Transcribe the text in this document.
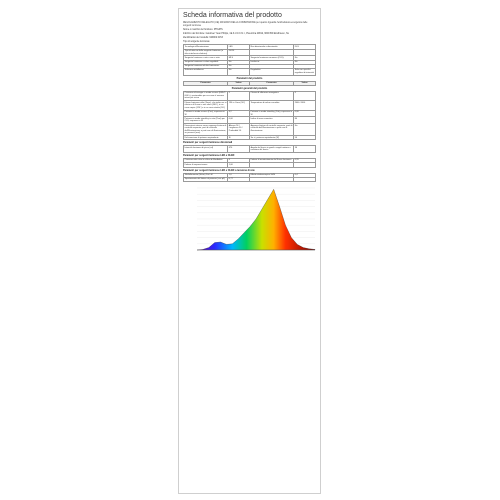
Scheda informativa del prodotto
REGOLAMENTO DELEGATO (UE) 2019/2015 DELLA COMMISSIONE per quanto riguarda l'etichettatura energetica delle sorgenti luminose
Nome o marchio del fornitore: PHILIPS
Indirizzo del fornitore: Guidover Yuan Philips, 1E.K.U.F.C.N.I., Pleumbra 20812, 9600 BD Eindhoven, NL
Identificativo del modello: 929002 0153
Tipo di sorgente luminosa:
Tecnologia d'illuminazione:	LED	Non direzionale o direzionale:	DLS
Tipo di attacco della sorgente luminosa (o altra interfaccia elettrica)	GU10		
Sorgente luminosa a rete o non a rete:	MLS	Sorgente luminosa connessa (CLS):	No
Sorgente luminosa a colori regolabili:	No	Involucro:	No
Sorgente luminosa ad alta luminanza:	No		
Schermo antiriflesso:	No	Regolabile:	Solo con specifici regolatori di intensità
Parametri del prodotto
Parametro	Valore	Parametro	Valore
Parametri generali del prodotto
Consumo di energia in modo acceso (kWh/1 000 h), arrotondato per eccesso al numero intero più vicino	5	Classe di efficienza energetica	F
Flusso luminoso utile (Φuse), che indica se si riferisce al flusso in una sfera (360°), in un cono ampio (120°) o in un cono stretto (90°)	130 in Cono (90°)	Temperatura di colore correlata	2000..3100
Potenza in modo acceso (Pon), espressa in W	4,2	Potenza in modo stand-by (Psb), espressa in W	0,00
Potenza in modo stand-by in rete (Pnet) per CLS, espressa in W	0,00	Indice di resa cromatica	80
Dimensioni esterne senza apparecchiatura di controllo separata, parti di controllo dell'illuminazione e parti non di illuminazione, se presenti (mm)	Altezza 56 / Larghezza 50 / Profondità 50	Apparecchiatura di controllo separata, parti di controllo dell'illuminazione o parti non di illuminazione	No
Dichiarazione di potenza equivalente	Sì	Se sì, potenza equivalente (W)	50
Parametri per sorgenti luminose direzionali
Intensità luminosa di picco (cd)	470	Angolo del fascio in gradi o angoli minimo e massimo del fascio	36
Parametri per sorgenti luminose LED e OLED
Coerenza dei colori in ellissi di MacAdam	6	Fattore di mantenimento del flusso luminoso	0,95
Fattore di sopravvivenza	1,00		
Parametri per sorgenti luminose LED e OLED a tensione di rete
Sfarfallamento (flicker) Pst LM	1,0	Effetto stroboscopico SVM	0,4
Spostamento del fattore di potenza (cos φ1)	0,77		
